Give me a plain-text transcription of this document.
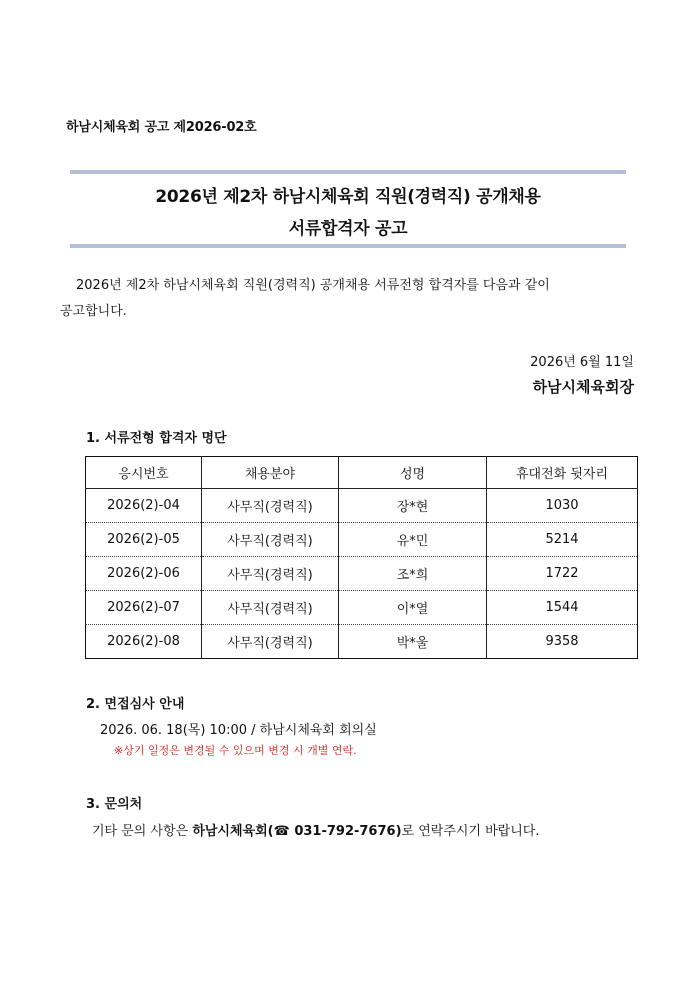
하남시체육회 공고 제2026-02호
2026년 제2차 하남시체육회 직원(경력직) 공개채용
서류합격자 공고
2026년 제2차 하남시체육회 직원(경력직) 공개채용 서류전형 합격자를 다음과 같이
공고합니다.
2026년 6월 11일
하남시체육회장
1. 서류전형 합격자 명단
응시번호	채용분야	성명	휴대전화 뒷자리
2026(2)-04	사무직(경력직)	장*현	1030
2026(2)-05	사무직(경력직)	유*민	5214
2026(2)-06	사무직(경력직)	조*희	1722
2026(2)-07	사무직(경력직)	이*열	1544
2026(2)-08	사무직(경력직)	박*울	9358
2. 면접심사 안내
2026. 06. 18(목) 10:00 / 하남시체육회 회의실
※상기 일정은 변경될 수 있으며 변경 시 개별 연락.
3. 문의처
기타 문의 사항은 하남시체육회(☎ 031-792-7676)로 연락주시기 바랍니다.
